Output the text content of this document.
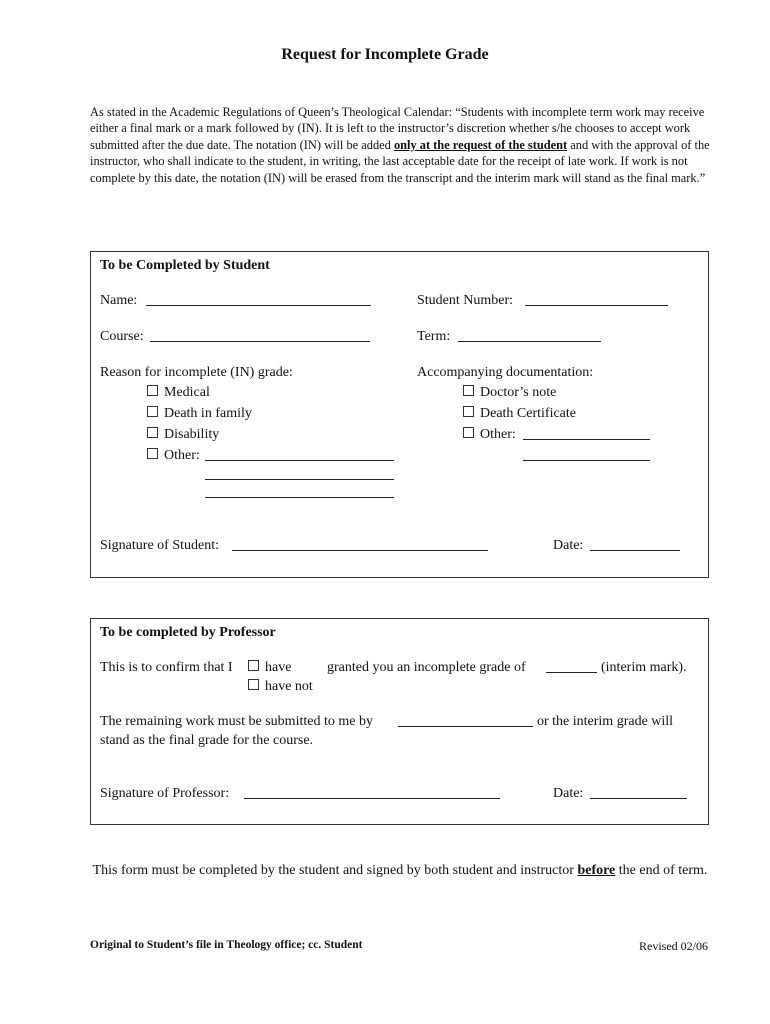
Request for Incomplete Grade
As stated in the Academic Regulations of Queen’s Theological Calendar: “Students with incomplete term work may receive either a final mark or a mark followed by (IN). It is left to the instructor’s discretion whether s/he chooses to accept work submitted after the due date. The notation (IN) will be added only at the request of the student and with the approval of the instructor, who shall indicate to the student, in writing, the last acceptable date for the receipt of late work. If work is not complete by this date, the notation (IN) will be erased from the transcript and the interim mark will stand as the final mark.”
To be Completed by Student
Name:	Student Number:
Course:	Term:
Reason for incomplete (IN) grade:
Medical
Death in family
Disability
Other:
Accompanying documentation:
Doctor’s note
Death Certificate
Other:
Signature of Student:	Date:
To be completed by Professor
This is to confirm that I	have
have not
granted you an incomplete grade of	(interim mark).
The remaining work must be submitted to me by	or the interim grade will
stand as the final grade for the course.
Signature of Professor:	Date:
This form must be completed by the student and signed by both student and instructor before the end of term.
Original to Student’s file in Theology office; cc. Student	Revised 02/06
